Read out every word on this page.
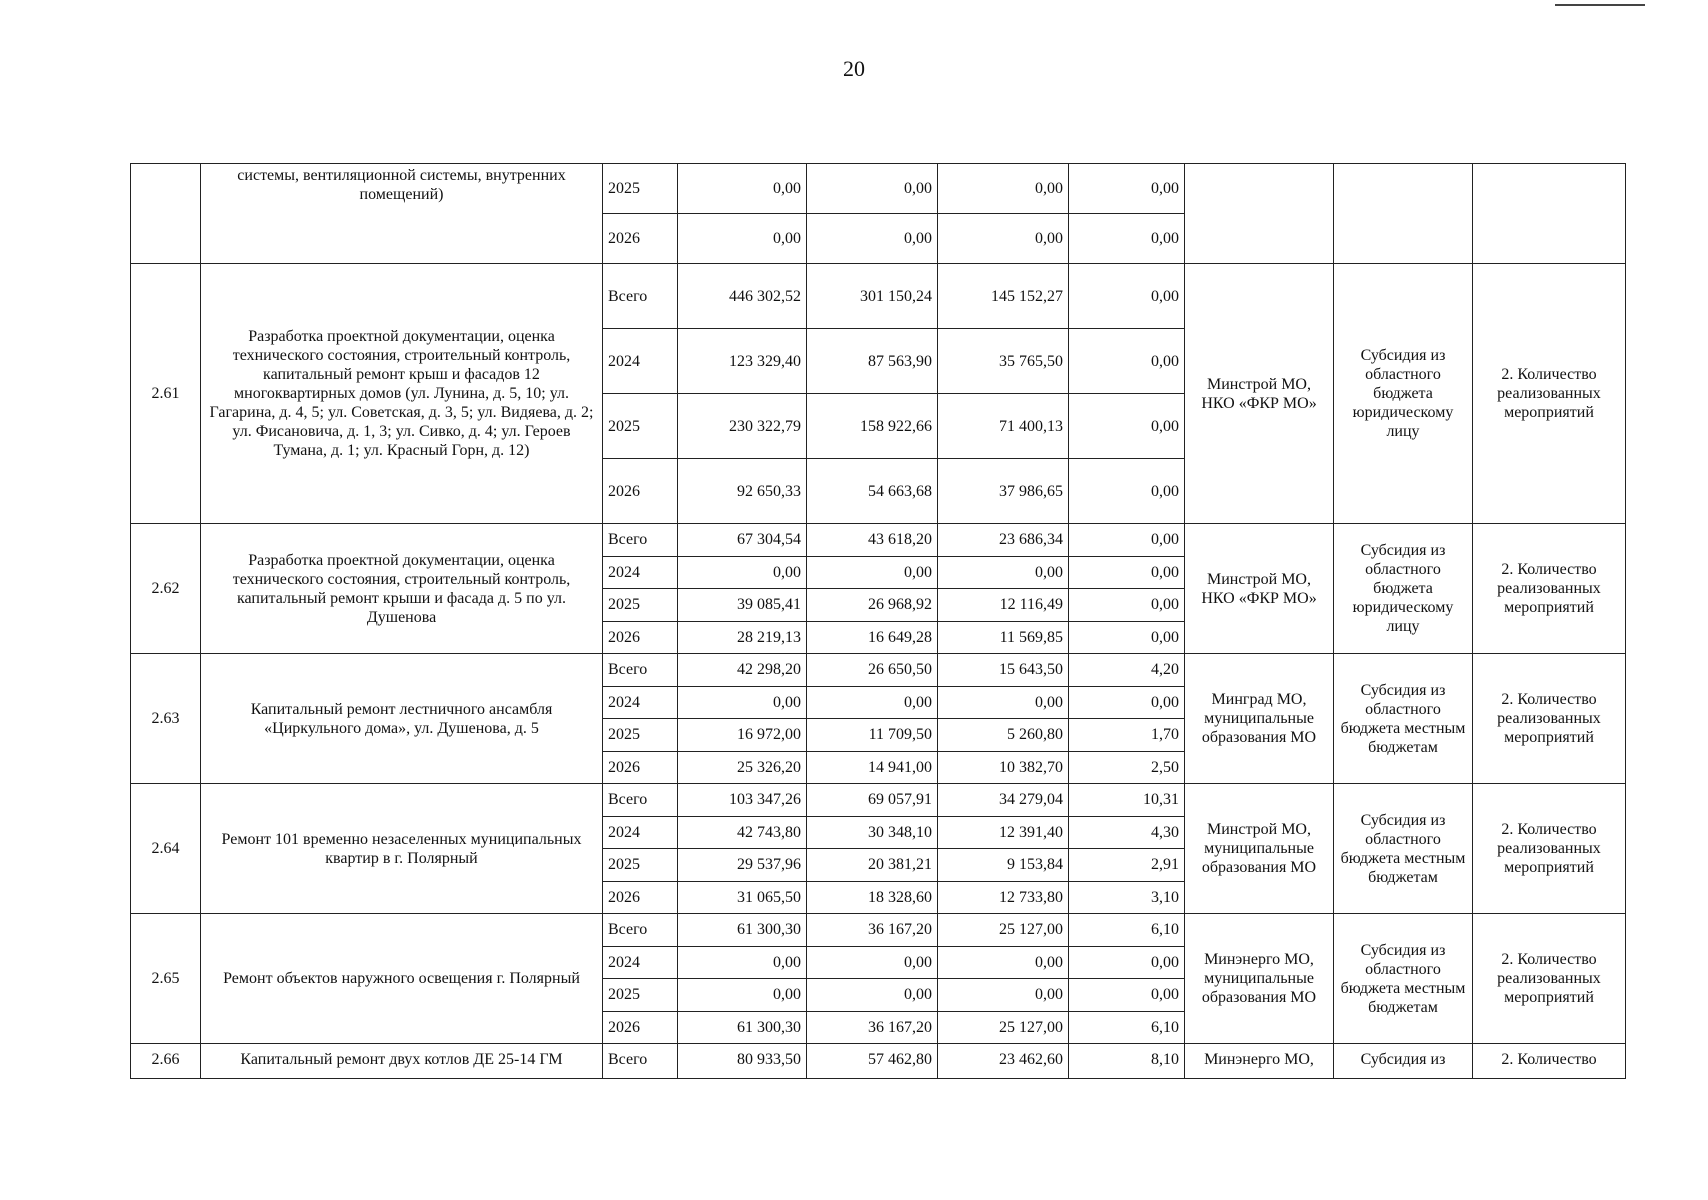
20
	системы, вентиляционной системы, внутренних помещений)	2025	0,00	0,00	0,00	0,00			
		2026	0,00	0,00	0,00	0,00			
2.61	Разработка проектной документации, оценка технического состояния, строительный контроль, капитальный ремонт крыш и фасадов 12 многоквартирных домов (ул. Лунина, д. 5, 10; ул. Гагарина, д. 4, 5; ул. Советская, д. 3, 5; ул. Видяева, д. 2; ул. Фисановича, д. 1, 3; ул. Сивко, д. 4; ул. Героев Тумана, д. 1; ул. Красный Горн, д. 12)	Всего	446 302,52	301 150,24	145 152,27	0,00	Минстрой МО, НКО «ФКР МО»	Субсидия из областного бюджета юридическому лицу	2. Количество реализованных мероприятий
		2024	123 329,40	87 563,90	35 765,50	0,00			
		2025	230 322,79	158 922,66	71 400,13	0,00			
		2026	92 650,33	54 663,68	37 986,65	0,00			
2.62	Разработка проектной документации, оценка технического состояния, строительный контроль, капитальный ремонт крыши и фасада д. 5 по ул. Душенова	Всего	67 304,54	43 618,20	23 686,34	0,00	Минстрой МО, НКО «ФКР МО»	Субсидия из областного бюджета юридическому лицу	2. Количество реализованных мероприятий
		2024	0,00	0,00	0,00	0,00			
		2025	39 085,41	26 968,92	12 116,49	0,00			
		2026	28 219,13	16 649,28	11 569,85	0,00			
2.63	Капитальный ремонт лестничного ансамбля «Циркульного дома», ул. Душенова, д. 5	Всего	42 298,20	26 650,50	15 643,50	4,20	Минград МО, муниципальные образования МО	Субсидия из областного бюджета местным бюджетам	2. Количество реализованных мероприятий
		2024	0,00	0,00	0,00	0,00			
		2025	16 972,00	11 709,50	5 260,80	1,70			
		2026	25 326,20	14 941,00	10 382,70	2,50			
2.64	Ремонт 101 временно незаселенных муниципальных квартир в г. Полярный	Всего	103 347,26	69 057,91	34 279,04	10,31	Минстрой МО, муниципальные образования МО	Субсидия из областного бюджета местным бюджетам	2. Количество реализованных мероприятий
		2024	42 743,80	30 348,10	12 391,40	4,30			
		2025	29 537,96	20 381,21	9 153,84	2,91			
		2026	31 065,50	18 328,60	12 733,80	3,10			
2.65	Ремонт объектов наружного освещения г. Полярный	Всего	61 300,30	36 167,20	25 127,00	6,10	Минэнерго МО, муниципальные образования МО	Субсидия из областного бюджета местным бюджетам	2. Количество реализованных мероприятий
		2024	0,00	0,00	0,00	0,00			
		2025	0,00	0,00	0,00	0,00			
		2026	61 300,30	36 167,20	25 127,00	6,10			
2.66	Капитальный ремонт двух котлов ДЕ 25-14 ГМ	Всего	80 933,50	57 462,80	23 462,60	8,10	Минэнерго МО,	Субсидия из	2. Количество
